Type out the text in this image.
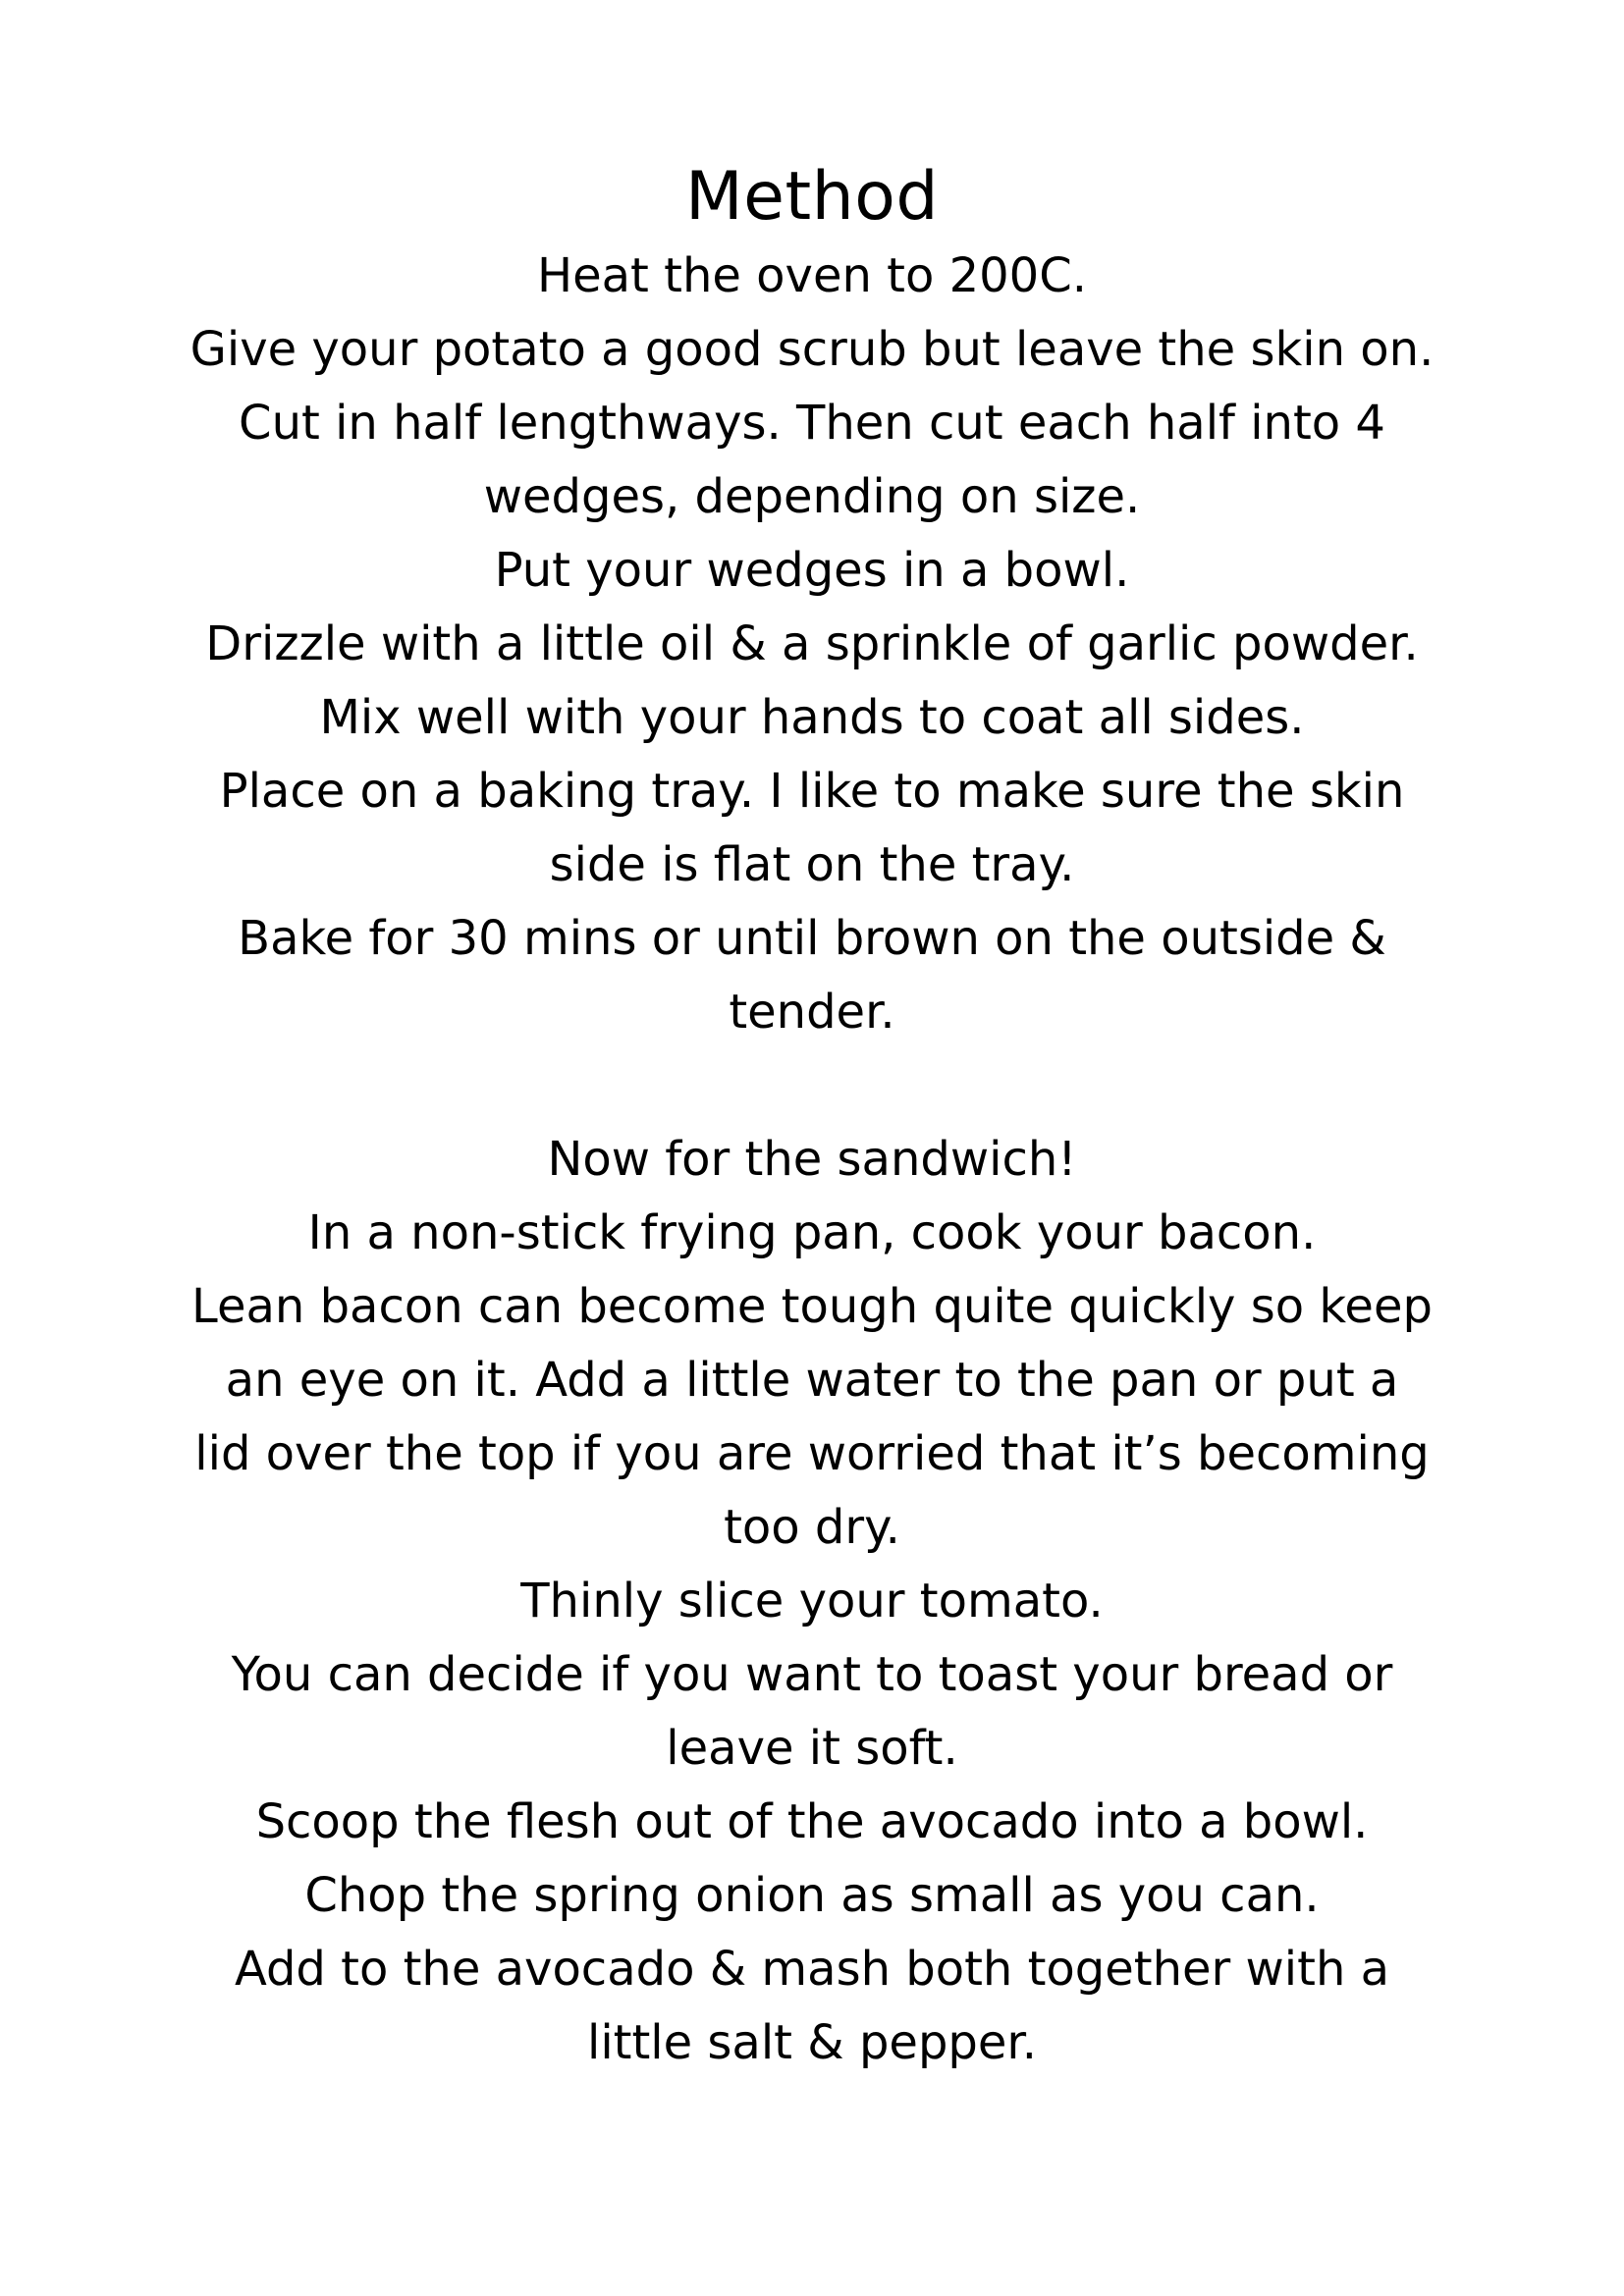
Method
Heat the oven to 200C.
Give your potato a good scrub but leave the skin on.
Cut in half lengthways. Then cut each half into 4
wedges, depending on size.
Put your wedges in a bowl.
Drizzle with a little oil & a sprinkle of garlic powder.
Mix well with your hands to coat all sides.
Place on a baking tray. I like to make sure the skin
side is flat on the tray.
Bake for 30 mins or until brown on the outside &
tender.
Now for the sandwich!
In a non-stick frying pan, cook your bacon.
Lean bacon can become tough quite quickly so keep
an eye on it. Add a little water to the pan or put a
lid over the top if you are worried that it’s becoming
too dry.
Thinly slice your tomato.
You can decide if you want to toast your bread or
leave it soft.
Scoop the flesh out of the avocado into a bowl.
Chop the spring onion as small as you can.
Add to the avocado & mash both together with a
little salt & pepper.
